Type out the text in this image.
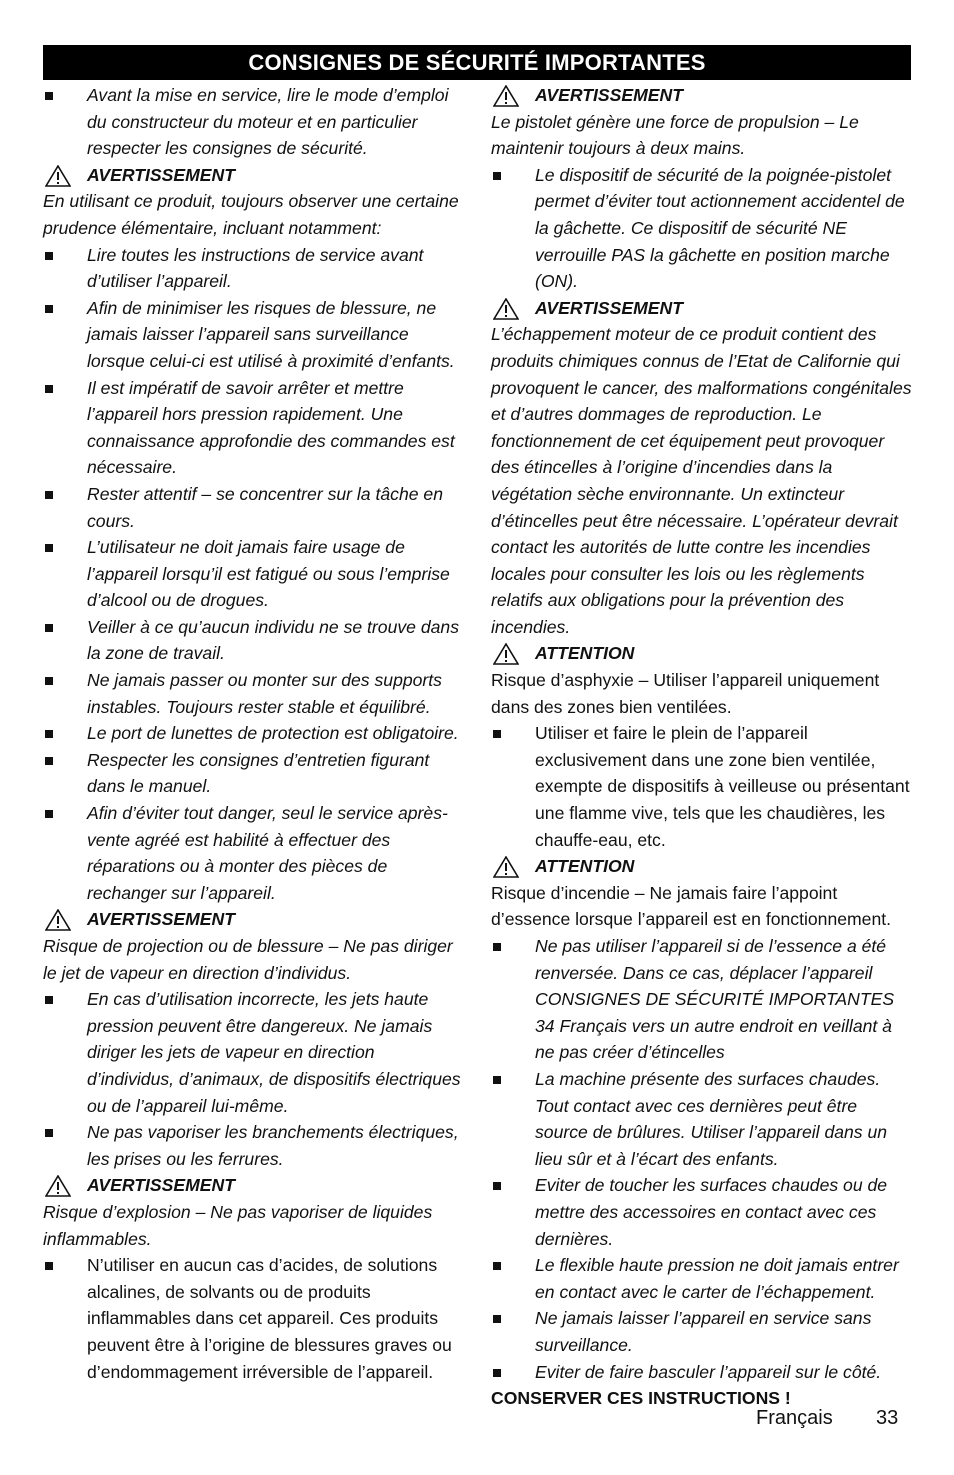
CONSIGNES DE SÉCURITÉ IMPORTANTES

Avant la mise en service, lire le mode d’emploi du constructeur du moteur et en particulier respecter les consignes de sécurité.

AVERTISSEMENT

En utilisant ce produit, toujours observer une certaine prudence élémentaire, incluant notamment:

Lire toutes les instructions de service avant d’utiliser l’appareil.

Afin de minimiser les risques de blessure, ne jamais laisser l’appareil sans surveillance lorsque celui-ci est utilisé à proximité d’enfants.

Il est impératif de savoir arrêter et mettre l’appareil hors pression rapidement. Une connaissance approfondie des commandes est nécessaire.

Rester attentif – se concentrer sur la tâche en cours.

L’utilisateur ne doit jamais faire usage de l’appareil lorsqu’il est fatigué ou sous l’emprise d’alcool ou de drogues.

Veiller à ce qu’aucun individu ne se trouve dans la zone de travail.

Ne jamais passer ou monter sur des supports instables. Toujours rester stable et équilibré.

Le port de lunettes de protection est obligatoire.

Respecter les consignes d’entretien figurant dans le manuel.

Afin d’éviter tout danger, seul le service après-vente agréé est habilité à effectuer des réparations ou à monter des pièces de rechanger sur l’appareil.

AVERTISSEMENT

Risque de projection ou de blessure – Ne pas diriger le jet de vapeur en direction d’individus.

En cas d’utilisation incorrecte, les jets haute pression peuvent être dangereux. Ne jamais diriger les jets de vapeur en direction d’individus, d’animaux, de dispositifs électriques ou de l’appareil lui-même.

Ne pas vaporiser les branchements électriques, les prises ou les ferrures.

AVERTISSEMENT

Risque d’explosion – Ne pas vaporiser de liquides inflammables.

N’utiliser en aucun cas d’acides, de solutions alcalines, de solvants ou de produits inflammables dans cet appareil. Ces produits peuvent être à l’origine de blessures graves ou d’endommagement irréversible de l’appareil.

AVERTISSEMENT

Le pistolet génère une force de propulsion – Le maintenir toujours à deux mains.

Le dispositif de sécurité de la poignée-pistolet permet d’éviter tout actionnement accidentel de la gâchette. Ce dispositif de sécurité NE verrouille PAS la gâchette en position marche (ON).

AVERTISSEMENT

L’échappement moteur de ce produit contient des produits chimiques connus de l’Etat de Californie qui provoquent le cancer, des malformations congénitales et d’autres dommages de reproduction. Le fonctionnement de cet équipement peut provoquer des étincelles à l’origine d’incendies dans la végétation sèche environnante. Un extincteur d’étincelles peut être nécessaire. L’opérateur devrait contact les autorités de lutte contre les incendies locales pour consulter les lois ou les règlements relatifs aux obligations pour la prévention des incendies.

ATTENTION

Risque d’asphyxie – Utiliser l’appareil uniquement dans des zones bien ventilées.

Utiliser et faire le plein de l’appareil exclusivement dans une zone bien ventilée, exempte de dispositifs à veilleuse ou présentant une flamme vive, tels que les chaudières, les chauffe-eau, etc.

ATTENTION

Risque d’incendie – Ne jamais faire l’appoint d’essence lorsque l’appareil est en fonctionnement.

Ne pas utiliser l’appareil si de l’essence a été renversée. Dans ce cas, déplacer l’appareil CONSIGNES DE SÉCURITÉ IMPORTANTES 34 Français vers un autre endroit en veillant à ne pas créer d’étincelles

La machine présente des surfaces chaudes. Tout contact avec ces dernières peut être source de brûlures. Utiliser l’appareil dans un lieu sûr et à l’écart des enfants.

Eviter de toucher les surfaces chaudes ou de mettre des accessoires en contact avec ces dernières.

Le flexible haute pression ne doit jamais entrer en contact avec le carter de l’échappement.

Ne jamais laisser l’appareil en service sans surveillance.

Eviter de faire basculer l’appareil sur le côté.

CONSERVER CES INSTRUCTIONS !

Français 33
